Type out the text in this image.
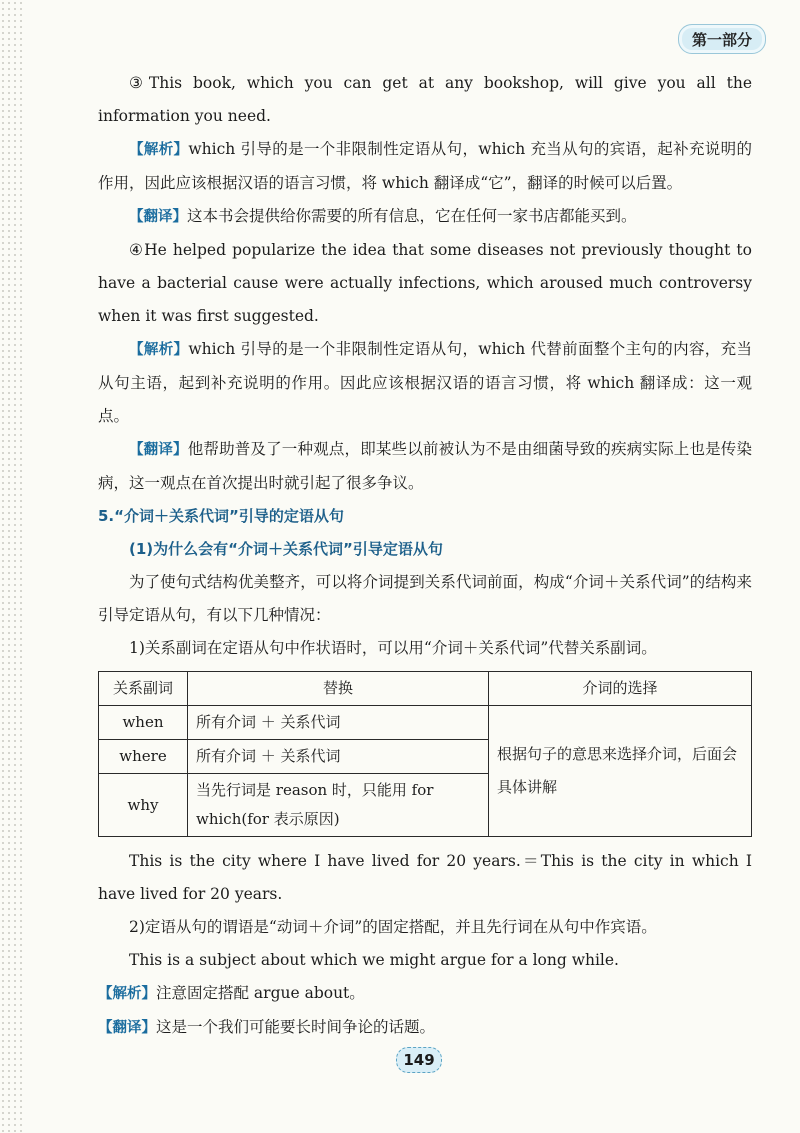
第一部分

③This book, which you can get at any bookshop, will give you all the information you need.

【解析】which 引导的是一个非限制性定语从句，which 充当从句的宾语，起补充说明的作用，因此应该根据汉语的语言习惯，将 which 翻译成“它”，翻译的时候可以后置。

【翻译】这本书会提供给你需要的所有信息，它在任何一家书店都能买到。

④He helped popularize the idea that some diseases not previously thought to have a bacterial cause were actually infections, which aroused much controversy when it was first suggested.

【解析】which 引导的是一个非限制性定语从句，which 代替前面整个主句的内容，充当从句主语，起到补充说明的作用。因此应该根据汉语的语言习惯，将 which 翻译成：这一观点。

【翻译】他帮助普及了一种观点，即某些以前被认为不是由细菌导致的疾病实际上也是传染病，这一观点在首次提出时就引起了很多争议。

5.“介词＋关系代词”引导的定语从句

(1)为什么会有“介词＋关系代词”引导定语从句

为了使句式结构优美整齐，可以将介词提到关系代词前面，构成“介词＋关系代词”的结构来引导定语从句，有以下几种情况：

1)关系副词在定语从句中作状语时，可以用“介词＋关系代词”代替关系副词。

关系副词	替换	介词的选择
when	所有介词 ＋ 关系代词	根据句子的意思来选择介词，后面会具体讲解
where	所有介词 ＋ 关系代词	
why	当先行词是 reason 时，只能用 for which(for 表示原因)	

This is the city where I have lived for 20 years.＝This is the city in which I have lived for 20 years.

2)定语从句的谓语是“动词＋介词”的固定搭配，并且先行词在从句中作宾语。

This is a subject about which we might argue for a long while.

【解析】注意固定搭配 argue about。

【翻译】这是一个我们可能要长时间争论的话题。

149
